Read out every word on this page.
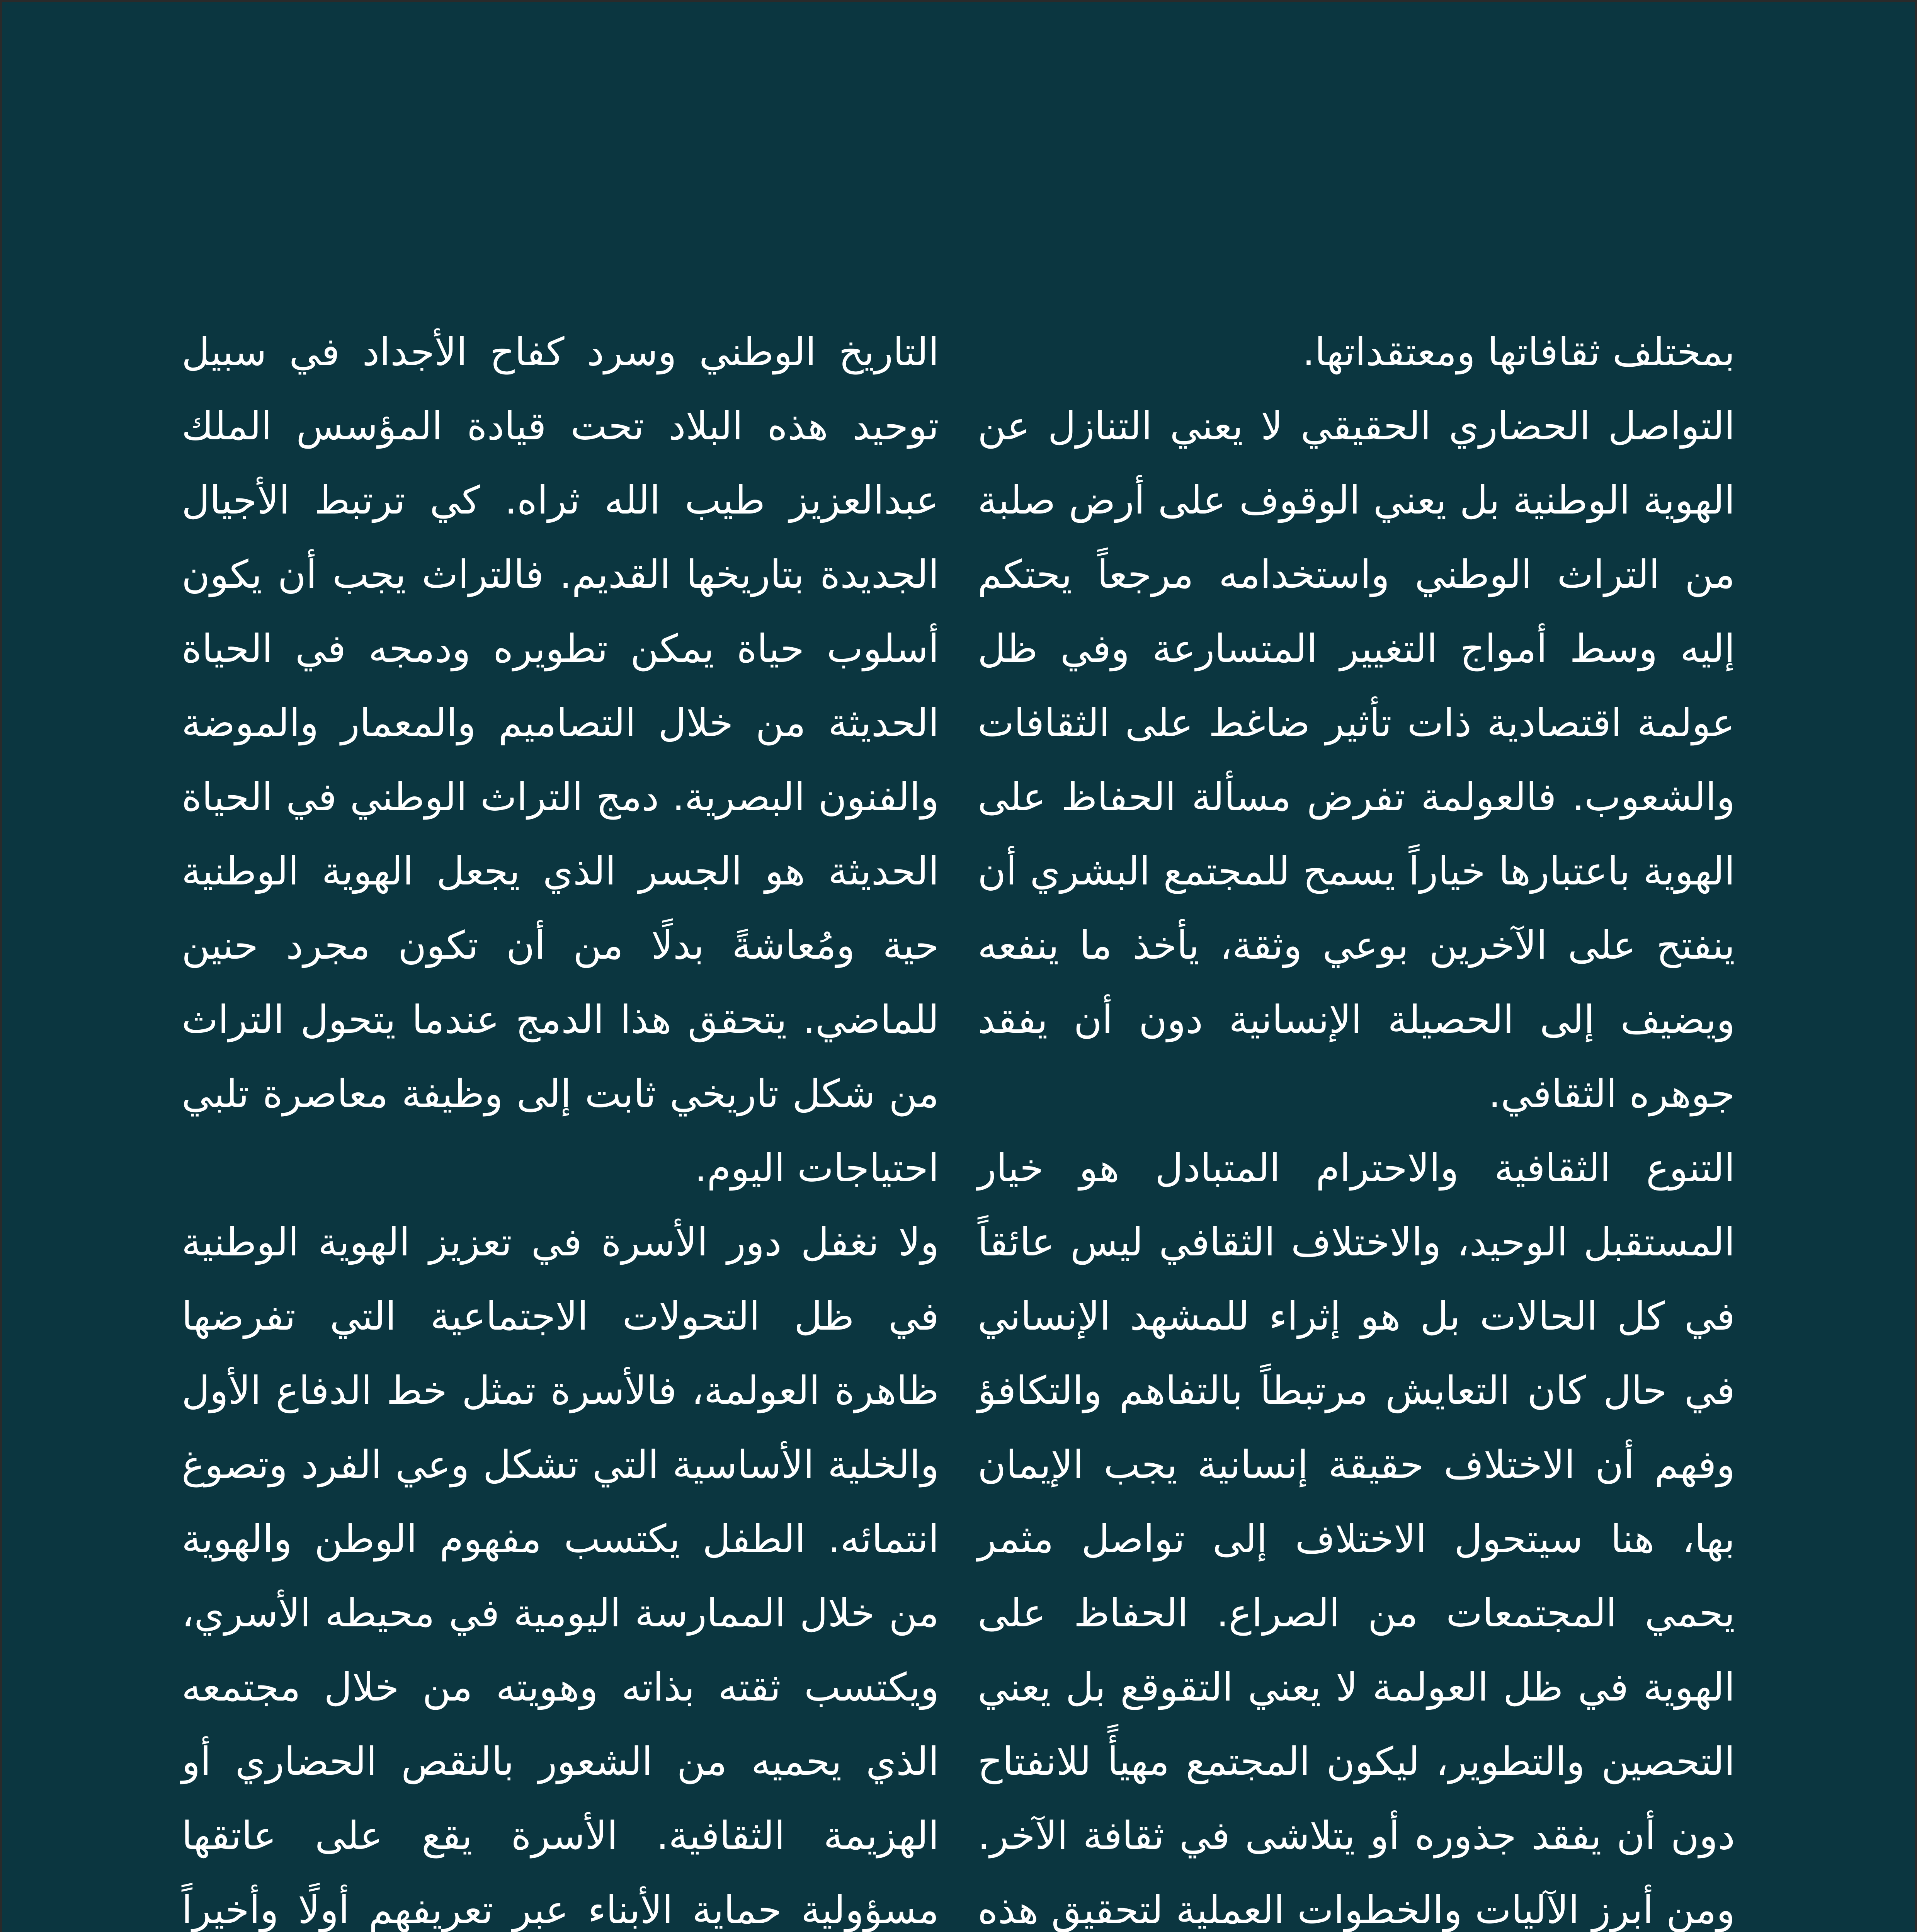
بمختلف ثقافاتها ومعتقداتها.

التواصل الحضاري الحقيقي لا يعني التنازل عن الهوية الوطنية بل يعني الوقوف على أرض صلبة من التراث الوطني واستخدامه مرجعاً يحتكم إليه وسط أمواج التغيير المتسارعة وفي ظل عولمة اقتصادية ذات تأثير ضاغط على الثقافات والشعوب. فالعولمة تفرض مسألة الحفاظ على الهوية باعتبارها خياراً يسمح للمجتمع البشري أن ينفتح على الآخرين بوعي وثقة، يأخذ ما ينفعه ويضيف إلى الحصيلة الإنسانية دون أن يفقد جوهره الثقافي.

التنوع الثقافية والاحترام المتبادل هو خيار المستقبل الوحيد، والاختلاف الثقافي ليس عائقاً في كل الحالات بل هو إثراء للمشهد الإنساني في حال كان التعايش مرتبطاً بالتفاهم والتكافؤ وفهم أن الاختلاف حقيقة إنسانية يجب الإيمان بها، هنا سيتحول الاختلاف إلى تواصل مثمر يحمي المجتمعات من الصراع. الحفاظ على الهوية في ظل العولمة لا يعني التقوقع بل يعني التحصين والتطوير، ليكون المجتمع مهيأً للانفتاح دون أن يفقد جذوره أو يتلاشى في ثقافة الآخر. ومن أبرز الآليات والخطوات العملية لتحقيق هذه

التاريخ الوطني وسرد كفاح الأجداد في سبيل توحيد هذه البلاد تحت قيادة المؤسس الملك عبدالعزيز طيب الله ثراه. كي ترتبط الأجيال الجديدة بتاريخها القديم. فالتراث يجب أن يكون أسلوب حياة يمكن تطويره ودمجه في الحياة الحديثة من خلال التصاميم والمعمار والموضة والفنون البصرية. دمج التراث الوطني في الحياة الحديثة هو الجسر الذي يجعل الهوية الوطنية حية ومُعاشةً بدلًا من أن تكون مجرد حنين للماضي. يتحقق هذا الدمج عندما يتحول التراث من شكل تاريخي ثابت إلى وظيفة معاصرة تلبي احتياجات اليوم.

ولا نغفل دور الأسرة في تعزيز الهوية الوطنية في ظل التحولات الاجتماعية التي تفرضها ظاهرة العولمة، فالأسرة تمثل خط الدفاع الأول والخلية الأساسية التي تشكل وعي الفرد وتصوغ انتمائه. الطفل يكتسب مفهوم الوطن والهوية من خلال الممارسة اليومية في محيطه الأسري، ويكتسب ثقته بذاته وهويته من خلال مجتمعه الذي يحميه من الشعور بالنقص الحضاري أو الهزيمة الثقافية. الأسرة يقع على عاتقها مسؤولية حماية الأبناء عبر تعريفهم أولًا وأخيراً
